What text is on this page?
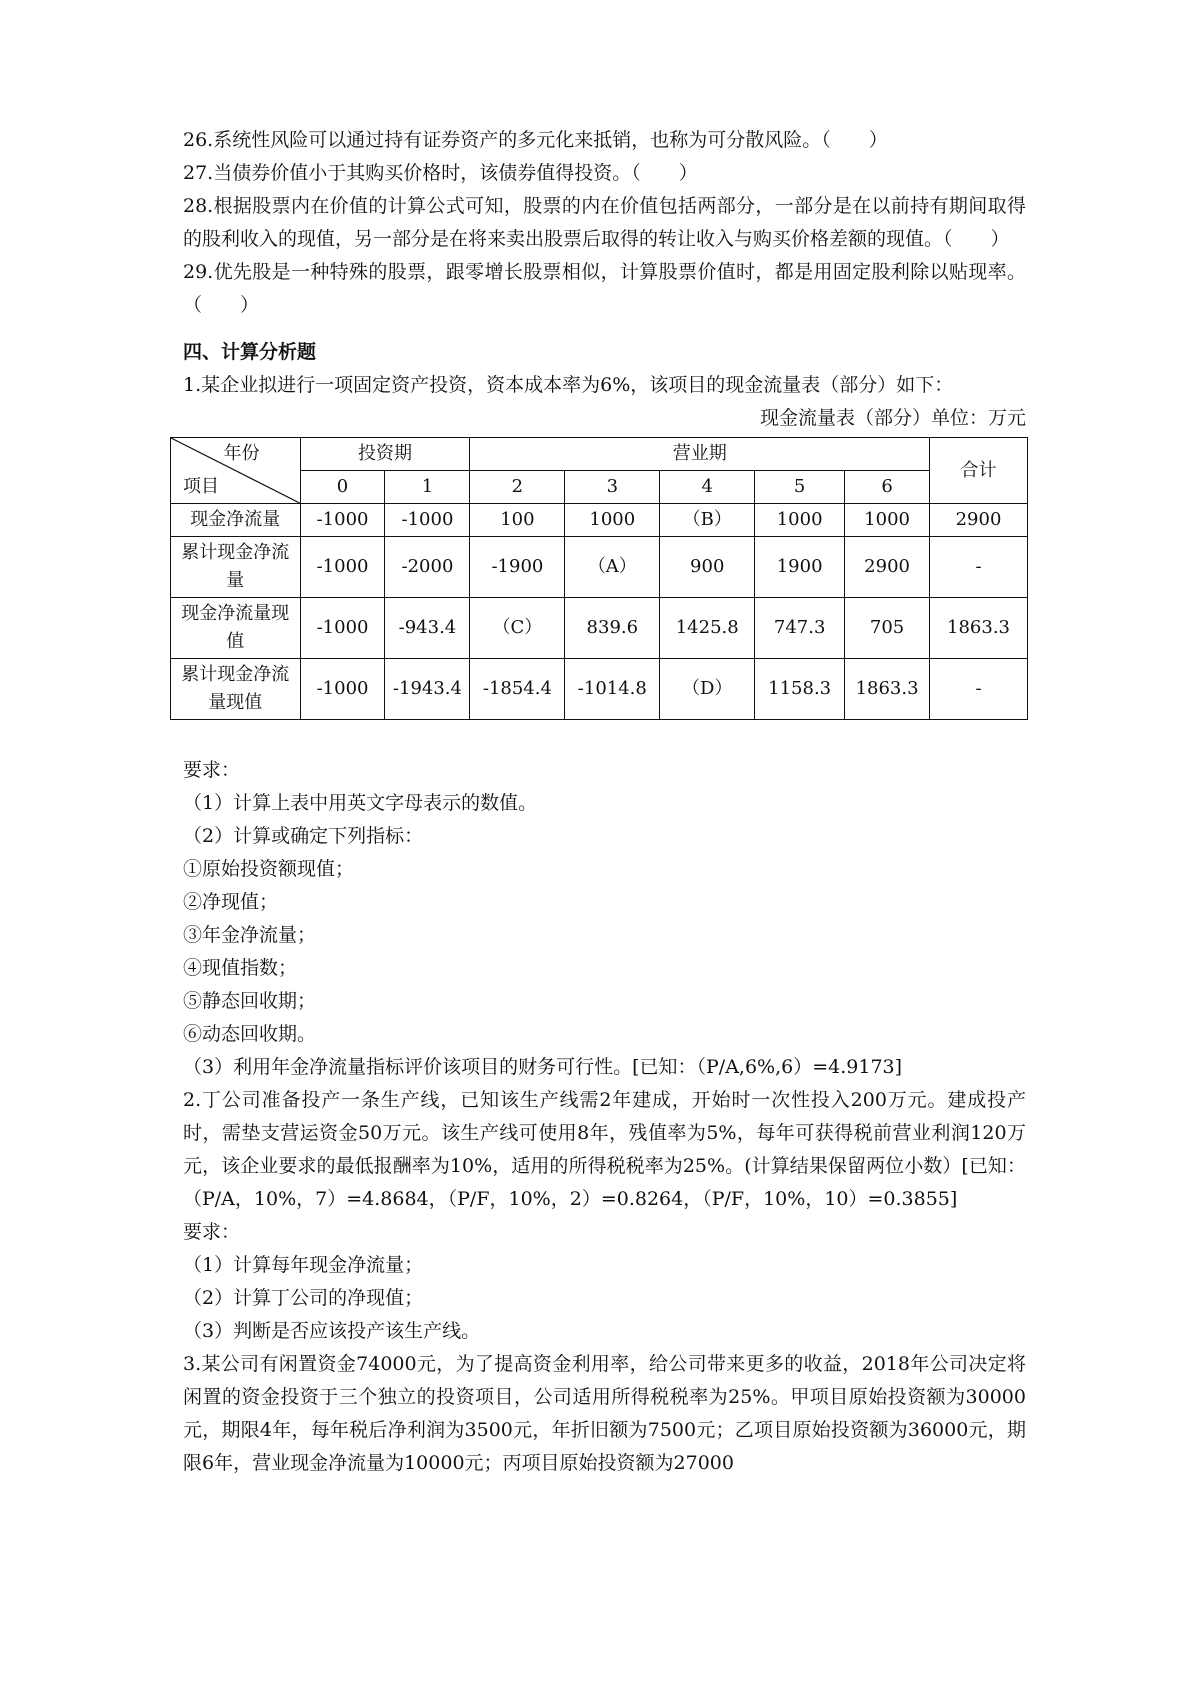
26.系统性风险可以通过持有证券资产的多元化来抵销，也称为可分散风险。（　　）

27.当债券价值小于其购买价格时，该债券值得投资。（　　）

28.根据股票内在价值的计算公式可知，股票的内在价值包括两部分，一部分是在以前持有期间取得的股利收入的现值，另一部分是在将来卖出股票后取得的转让收入与购买价格差额的现值。（　　）

29.优先股是一种特殊的股票，跟零增长股票相似，计算股票价值时，都是用固定股利除以贴现率。（　　）

四、计算分析题

1.某企业拟进行一项固定资产投资，资本成本率为6%，该项目的现金流量表（部分）如下：

现金流量表（部分）单位：万元

年份
项目	投资期		营业期					合计
	0	1	2	3	4	5	6	
现金净流量	-1000	-1000	100	1000	（B）	1000	1000	2900
累计现金净流量	-1000	-2000	-1900	（A）	900	1900	2900	-
现金净流量现值	-1000	-943.4	（C）	839.6	1425.8	747.3	705	1863.3
累计现金净流量现值	-1000	-1943.4	-1854.4	-1014.8	（D）	1158.3	1863.3	-

要求：

（1）计算上表中用英文字母表示的数值。

（2）计算或确定下列指标：

①原始投资额现值；

②净现值；

③年金净流量；

④现值指数；

⑤静态回收期；

⑥动态回收期。

（3）利用年金净流量指标评价该项目的财务可行性。[已知：（P/A,6%,6）=4.9173]

2.丁公司准备投产一条生产线，已知该生产线需2年建成，开始时一次性投入200万元。建成投产时，需垫支营运资金50万元。该生产线可使用8年，残值率为5%，每年可获得税前营业利润120万元，该企业要求的最低报酬率为10%，适用的所得税税率为25%。(计算结果保留两位小数）[已知：（P/A，10%，7）=4.8684，（P/F，10%，2）=0.8264，（P/F，10%，10）=0.3855]

要求：

（1）计算每年现金净流量；

（2）计算丁公司的净现值；

（3）判断是否应该投产该生产线。

3.某公司有闲置资金74000元，为了提高资金利用率，给公司带来更多的收益，2018年公司决定将闲置的资金投资于三个独立的投资项目，公司适用所得税税率为25%。甲项目原始投资额为30000元，期限4年，每年税后净利润为3500元，年折旧额为7500元；乙项目原始投资额为36000元，期限6年，营业现金净流量为10000元；丙项目原始投资额为27000
